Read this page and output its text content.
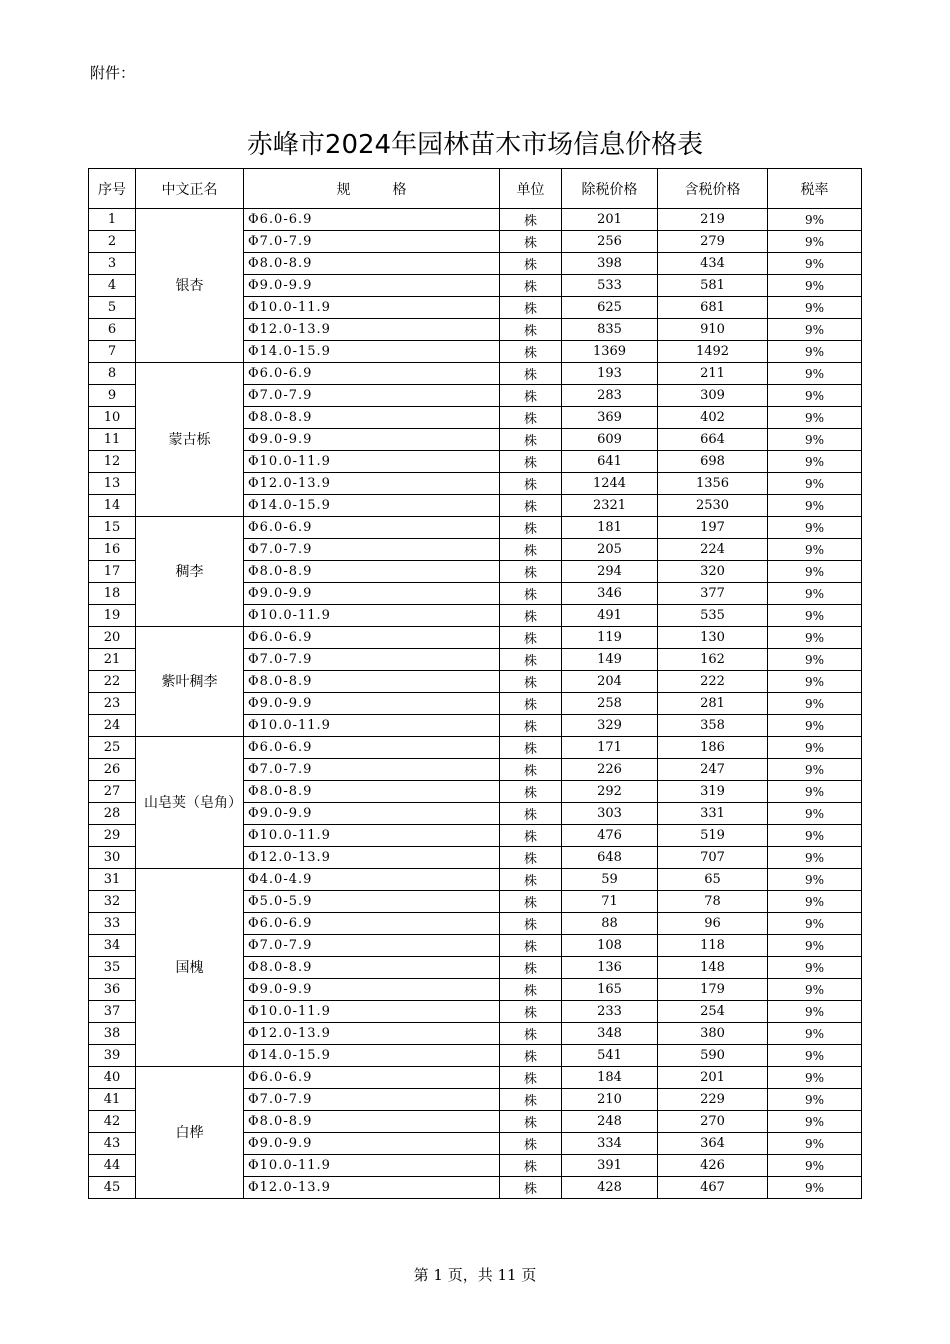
附件：
赤峰市2024年园林苗木市场信息价格表
序号	中文正名	规　　　格	单位	除税价格	含税价格	税率
1	银杏	Φ6.0-6.9	株	201	219	9%
2		Φ7.0-7.9	株	256	279	9%
3		Φ8.0-8.9	株	398	434	9%
4		Φ9.0-9.9	株	533	581	9%
5		Φ10.0-11.9	株	625	681	9%
6		Φ12.0-13.9	株	835	910	9%
7		Φ14.0-15.9	株	1369	1492	9%
8	蒙古栎	Φ6.0-6.9	株	193	211	9%
9		Φ7.0-7.9	株	283	309	9%
10		Φ8.0-8.9	株	369	402	9%
11		Φ9.0-9.9	株	609	664	9%
12		Φ10.0-11.9	株	641	698	9%
13		Φ12.0-13.9	株	1244	1356	9%
14		Φ14.0-15.9	株	2321	2530	9%
15	稠李	Φ6.0-6.9	株	181	197	9%
16		Φ7.0-7.9	株	205	224	9%
17		Φ8.0-8.9	株	294	320	9%
18		Φ9.0-9.9	株	346	377	9%
19		Φ10.0-11.9	株	491	535	9%
20	紫叶稠李	Φ6.0-6.9	株	119	130	9%
21		Φ7.0-7.9	株	149	162	9%
22		Φ8.0-8.9	株	204	222	9%
23		Φ9.0-9.9	株	258	281	9%
24		Φ10.0-11.9	株	329	358	9%
25	山皂荚（皂角）	Φ6.0-6.9	株	171	186	9%
26		Φ7.0-7.9	株	226	247	9%
27		Φ8.0-8.9	株	292	319	9%
28		Φ9.0-9.9	株	303	331	9%
29		Φ10.0-11.9	株	476	519	9%
30		Φ12.0-13.9	株	648	707	9%
31	国槐	Φ4.0-4.9	株	59	65	9%
32		Φ5.0-5.9	株	71	78	9%
33		Φ6.0-6.9	株	88	96	9%
34		Φ7.0-7.9	株	108	118	9%
35		Φ8.0-8.9	株	136	148	9%
36		Φ9.0-9.9	株	165	179	9%
37		Φ10.0-11.9	株	233	254	9%
38		Φ12.0-13.9	株	348	380	9%
39		Φ14.0-15.9	株	541	590	9%
40	白桦	Φ6.0-6.9	株	184	201	9%
41		Φ7.0-7.9	株	210	229	9%
42		Φ8.0-8.9	株	248	270	9%
43		Φ9.0-9.9	株	334	364	9%
44		Φ10.0-11.9	株	391	426	9%
45		Φ12.0-13.9	株	428	467	9%
第 1 页，共 11 页
